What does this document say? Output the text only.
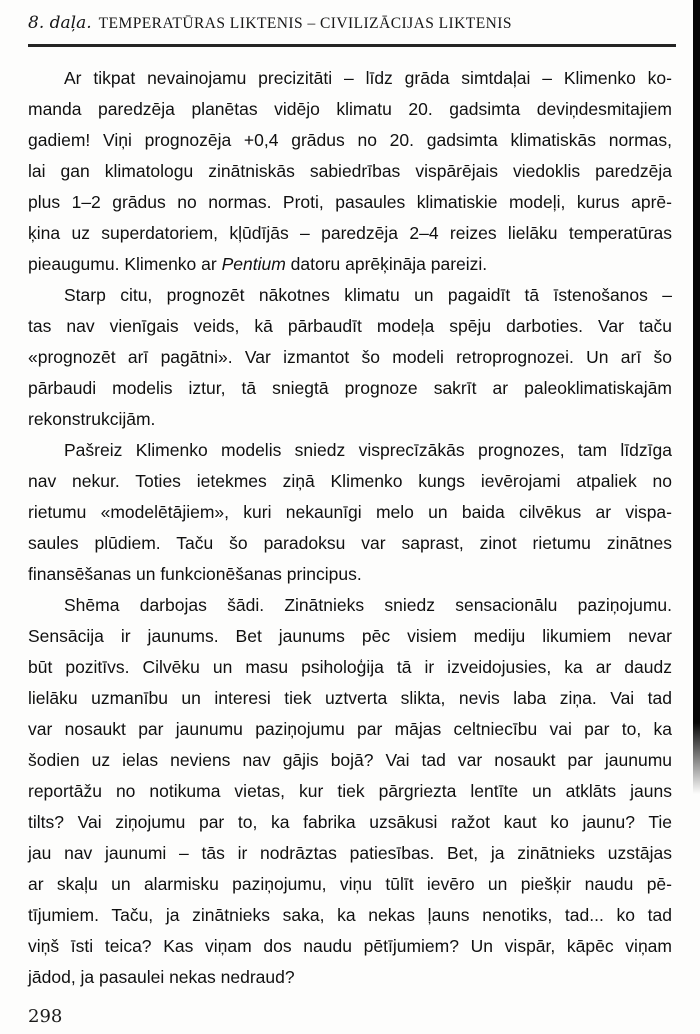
8. daļa. TEMPERATŪRAS LIKTENIS – CIVILIZĀCIJAS LIKTENIS
Ar tikpat nevainojamu precizitāti – līdz grāda simtdaļai – Klimenko ko-
manda paredzēja planētas vidējo klimatu 20. gadsimta deviņdesmitajiem
gadiem! Viņi prognozēja +0,4 grādus no 20. gadsimta klimatiskās normas,
lai gan klimatologu zinātniskās sabiedrības vispārējais viedoklis paredzēja
plus 1–2 grādus no normas. Proti, pasaules klimatiskie modeļi, kurus aprē-
ķina uz superdatoriem, kļūdījās – paredzēja 2–4 reizes lielāku temperatūras
pieaugumu. Klimenko ar Pentium datoru aprēķināja pareizi.
Starp citu, prognozēt nākotnes klimatu un pagaidīt tā īstenošanos –
tas nav vienīgais veids, kā pārbaudīt modeļa spēju darboties. Var taču
«prognozēt arī pagātni». Var izmantot šo modeli retroprognozei. Un arī šo
pārbaudi modelis iztur, tā sniegtā prognoze sakrīt ar paleoklimatiskajām
rekonstrukcijām.
Pašreiz Klimenko modelis sniedz visprecīzākās prognozes, tam līdzīga
nav nekur. Toties ietekmes ziņā Klimenko kungs ievērojami atpaliek no
rietumu «modelētājiem», kuri nekaunīgi melo un baida cilvēkus ar vispa-
saules plūdiem. Taču šo paradoksu var saprast, zinot rietumu zinātnes
finansēšanas un funkcionēšanas principus.
Shēma darbojas šādi. Zinātnieks sniedz sensacionālu paziņojumu.
Sensācija ir jaunums. Bet jaunums pēc visiem mediju likumiem nevar
būt pozitīvs. Cilvēku un masu psiholoģija tā ir izveidojusies, ka ar daudz
lielāku uzmanību un interesi tiek uztverta slikta, nevis laba ziņa. Vai tad
var nosaukt par jaunumu paziņojumu par mājas celtniecību vai par to, ka
šodien uz ielas neviens nav gājis bojā? Vai tad var nosaukt par jaunumu
reportāžu no notikuma vietas, kur tiek pārgriezta lentīte un atklāts jauns
tilts? Vai ziņojumu par to, ka fabrika uzsākusi ražot kaut ko jaunu? Tie
jau nav jaunumi – tās ir nodrāztas patiesības. Bet, ja zinātnieks uzstājas
ar skaļu un alarmisku paziņojumu, viņu tūlīt ievēro un piešķir naudu pē-
tījumiem. Taču, ja zinātnieks saka, ka nekas ļauns nenotiks, tad... ko tad
viņš īsti teica? Kas viņam dos naudu pētījumiem? Un vispār, kāpēc viņam
jādod, ja pasaulei nekas nedraud?
298
